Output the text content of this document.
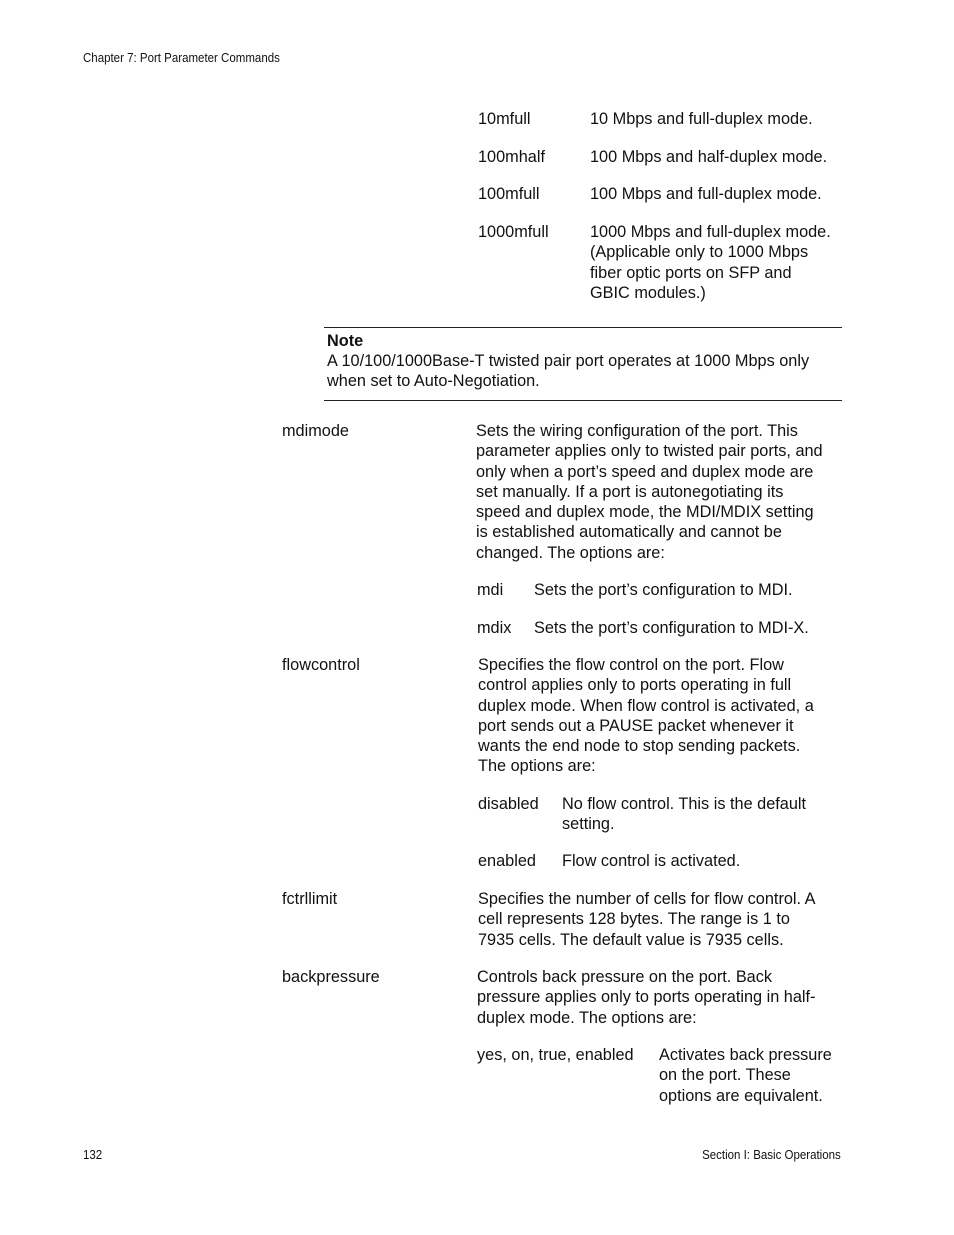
Chapter 7: Port Parameter Commands
10mfull	10 Mbps and full-duplex mode.
100mhalf	100 Mbps and half-duplex mode.
100mfull	100 Mbps and full-duplex mode.
1000mfull	1000 Mbps and full-duplex mode.
(Applicable only to 1000 Mbps
fiber optic ports on SFP and
GBIC modules.)
Note
A 10/100/1000Base-T twisted pair port operates at 1000 Mbps only
when set to Auto-Negotiation.
mdimode	Sets the wiring configuration of the port. This
parameter applies only to twisted pair ports, and
only when a port’s speed and duplex mode are
set manually. If a port is autonegotiating its
speed and duplex mode, the MDI/MDIX setting
is established automatically and cannot be
changed. The options are:
mdi Sets the port’s configuration to MDI.
mdix Sets the port’s configuration to MDI-X.
flowcontrol	Specifies the flow control on the port. Flow
control applies only to ports operating in full
duplex mode. When flow control is activated, a
port sends out a PAUSE packet whenever it
wants the end node to stop sending packets.
The options are:
disabled No flow control. This is the default
setting.
enabled Flow control is activated.
fctrllimit	Specifies the number of cells for flow control. A
cell represents 128 bytes. The range is 1 to
7935 cells. The default value is 7935 cells.
backpressure	Controls back pressure on the port. Back
pressure applies only to ports operating in half-
duplex mode. The options are:
yes, on, true, enabled Activates back pressure
on the port. These
options are equivalent.
132	Section I: Basic Operations
